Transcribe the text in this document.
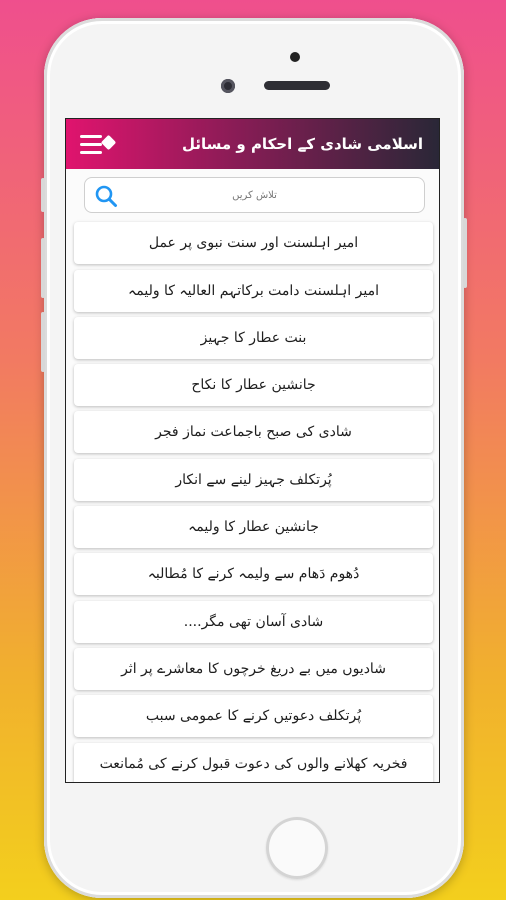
اسلامی شادی کے احکام و مسائل
تلاش کریں
امیر اہلسنت اور سنت نبوی پر عمل
امیر اہلسنت دامت برکاتہم العالیہ کا ولیمہ
بنت عطار کا جہیز
جانشین عطار کا نکاح
شادی کی صبح باجماعت نماز فجر
پُرتکلف جہیز لینے سے انکار
جانشین عطار کا ولیمہ
دُھوم دَھام سے ولیمہ کرنے کا مُطالبہ
شادی آسان تھی مگر....
شادیوں میں بے دریغ خرچوں کا معاشرے پر اثر
پُرتکلف دعوتیں کرنے کا عمومی سبب
فخریہ کھلانے والوں کی دعوت قبول کرنے کی مُمانعت
